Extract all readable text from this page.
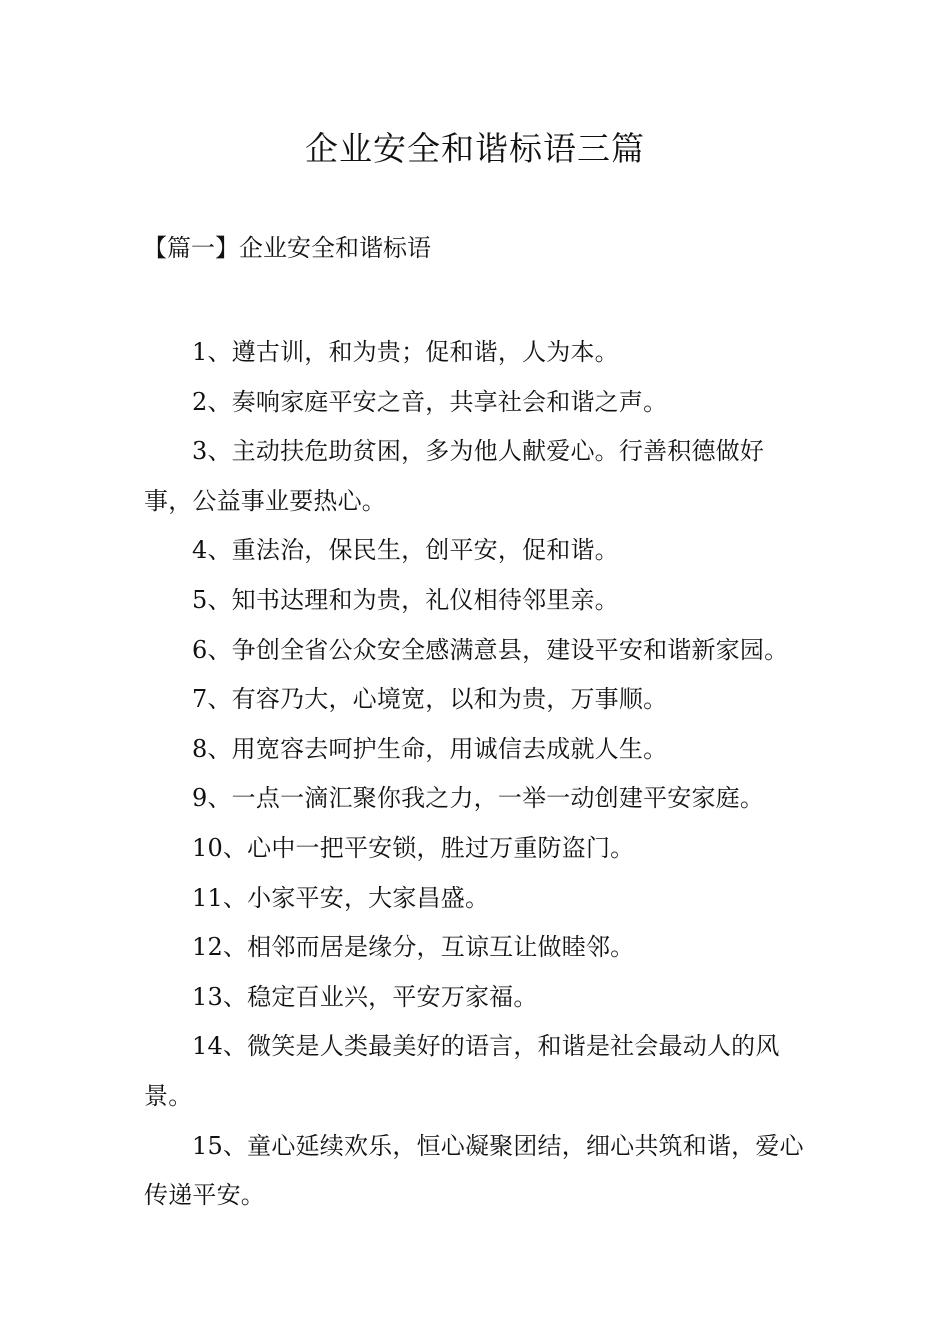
企业安全和谐标语三篇
【篇一】企业安全和谐标语
1、遵古训，和为贵；促和谐，人为本。
2、奏响家庭平安之音，共享社会和谐之声。
3、主动扶危助贫困，多为他人献爱心。行善积德做好事，公益事业要热心。
4、重法治，保民生，创平安，促和谐。
5、知书达理和为贵，礼仪相待邻里亲。
6、争创全省公众安全感满意县，建设平安和谐新家园。
7、有容乃大，心境宽，以和为贵，万事顺。
8、用宽容去呵护生命，用诚信去成就人生。
9、一点一滴汇聚你我之力，一举一动创建平安家庭。
10、心中一把平安锁，胜过万重防盗门。
11、小家平安，大家昌盛。
12、相邻而居是缘分，互谅互让做睦邻。
13、稳定百业兴，平安万家福。
14、微笑是人类最美好的语言，和谐是社会最动人的风景。
15、童心延续欢乐，恒心凝聚团结，细心共筑和谐，爱心传递平安。
